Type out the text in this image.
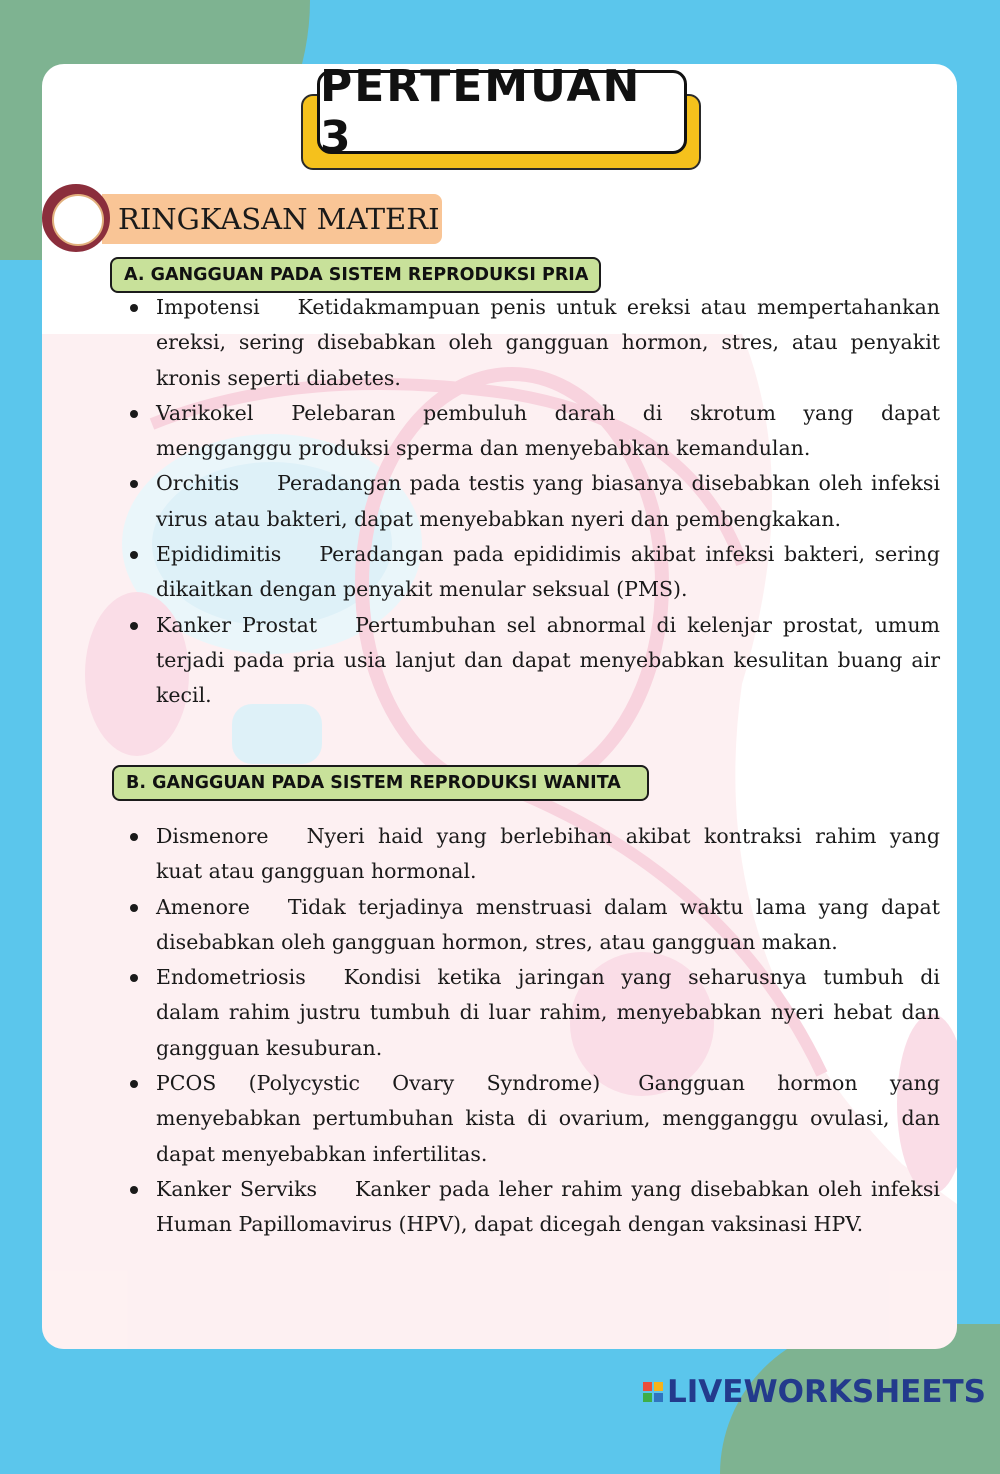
PERTEMUAN 3
RINGKASAN MATERI
A. GANGGUAN PADA SISTEM REPRODUKSI PRIA
Impotensi Ketidakmampuan penis untuk ereksi atau mempertahankan ereksi, sering disebabkan oleh gangguan hormon, stres, atau penyakit kronis seperti diabetes.
Varikokel Pelebaran pembuluh darah di skrotum yang dapat mengganggu produksi sperma dan menyebabkan kemandulan.
Orchitis Peradangan pada testis yang biasanya disebabkan oleh infeksi virus atau bakteri, dapat menyebabkan nyeri dan pembengkakan.
Epididimitis Peradangan pada epididimis akibat infeksi bakteri, sering dikaitkan dengan penyakit menular seksual (PMS).
Kanker Prostat Pertumbuhan sel abnormal di kelenjar prostat, umum terjadi pada pria usia lanjut dan dapat menyebabkan kesulitan buang air kecil.
B. GANGGUAN PADA SISTEM REPRODUKSI WANITA
Dismenore Nyeri haid yang berlebihan akibat kontraksi rahim yang kuat atau gangguan hormonal.
Amenore Tidak terjadinya menstruasi dalam waktu lama yang dapat disebabkan oleh gangguan hormon, stres, atau gangguan makan.
Endometriosis Kondisi ketika jaringan yang seharusnya tumbuh di dalam rahim justru tumbuh di luar rahim, menyebabkan nyeri hebat dan gangguan kesuburan.
PCOS (Polycystic Ovary Syndrome) Gangguan hormon yang menyebabkan pertumbuhan kista di ovarium, mengganggu ovulasi, dan dapat menyebabkan infertilitas.
Kanker Serviks Kanker pada leher rahim yang disebabkan oleh infeksi Human Papillomavirus (HPV), dapat dicegah dengan vaksinasi HPV.
LIVEWORKSHEETS
